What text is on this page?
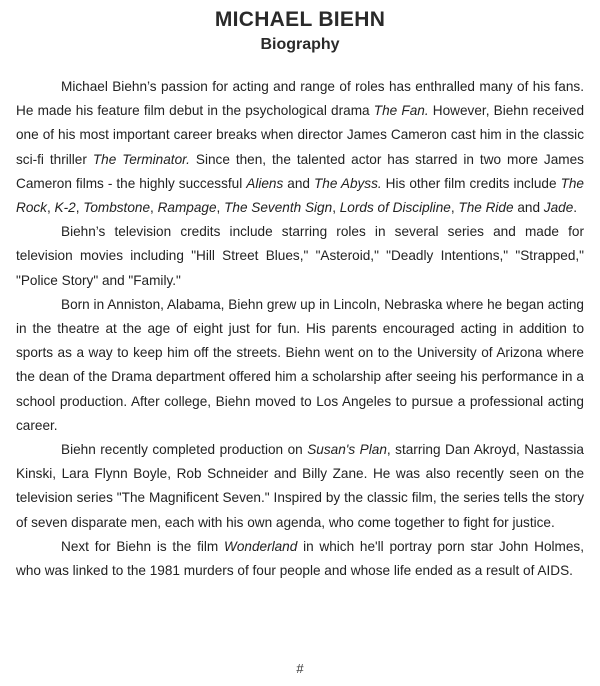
MICHAEL BIEHN
Biography

Michael Biehn’s passion for acting and range of roles has enthralled many of his fans. He made his feature film debut in the psychological drama The Fan. However, Biehn received one of his most important career breaks when director James Cameron cast him in the classic sci-fi thriller The Terminator. Since then, the talented actor has starred in two more James Cameron films - the highly successful Aliens and The Abyss. His other film credits include The Rock, K-2, Tombstone, Rampage, The Seventh Sign, Lords of Discipline, The Ride and Jade.

Biehn’s television credits include starring roles in several series and made for television movies including "Hill Street Blues," "Asteroid," "Deadly Intentions," "Strapped," "Police Story" and "Family."

Born in Anniston, Alabama, Biehn grew up in Lincoln, Nebraska where he began acting in the theatre at the age of eight just for fun. His parents encouraged acting in addition to sports as a way to keep him off the streets. Biehn went on to the University of Arizona where the dean of the Drama department offered him a scholarship after seeing his performance in a school production. After college, Biehn moved to Los Angeles to pursue a professional acting career.

Biehn recently completed production on Susan's Plan, starring Dan Akroyd, Nastassia Kinski, Lara Flynn Boyle, Rob Schneider and Billy Zane. He was also recently seen on the television series "The Magnificent Seven." Inspired by the classic film, the series tells the story of seven disparate men, each with his own agenda, who come together to fight for justice.

Next for Biehn is the film Wonderland in which he'll portray porn star John Holmes, who was linked to the 1981 murders of four people and whose life ended as a result of AIDS.

#
